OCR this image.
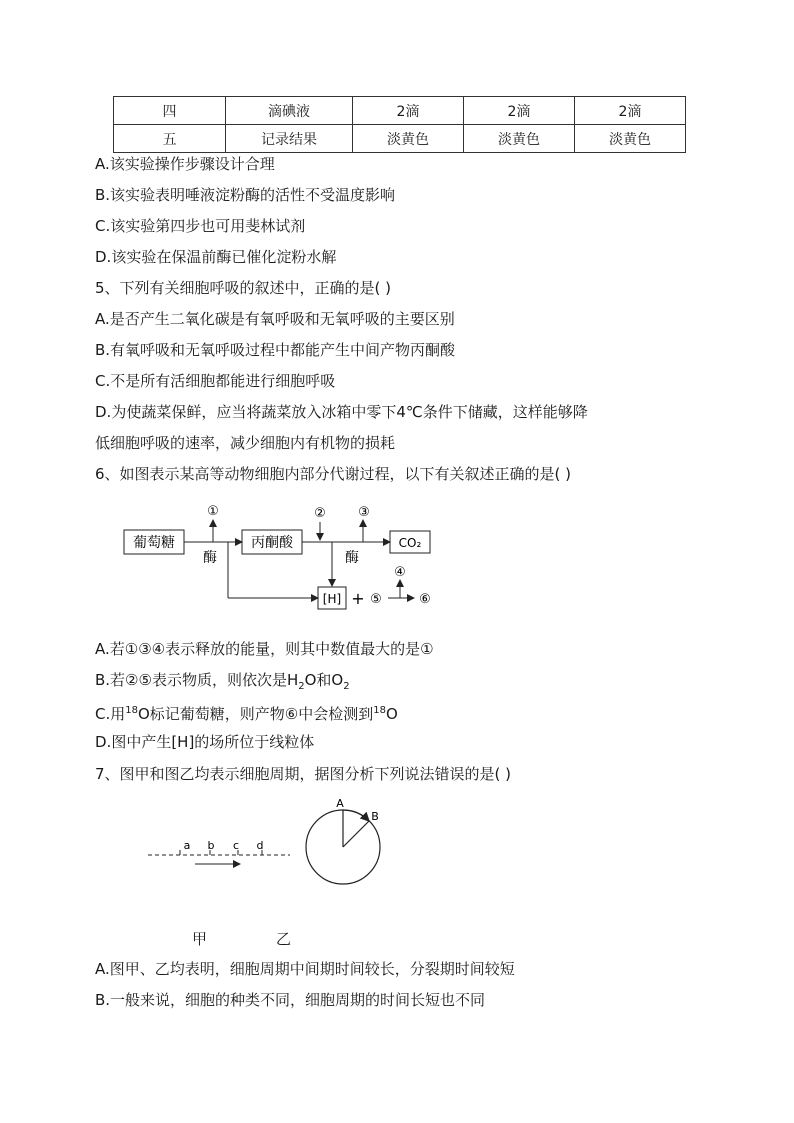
四	滴碘液	2滴	2滴	2滴
五	记录结果	淡黄色	淡黄色	淡黄色
A.该实验操作步骤设计合理
B.该实验表明唾液淀粉酶的活性不受温度影响
C.该实验第四步也可用斐林试剂
D.该实验在保温前酶已催化淀粉水解
5、下列有关细胞呼吸的叙述中，正确的是( )
A.是否产生二氧化碳是有氧呼吸和无氧呼吸的主要区别
B.有氧呼吸和无氧呼吸过程中都能产生中间产物丙酮酸
C.不是所有活细胞都能进行细胞呼吸
D.为使蔬菜保鲜，应当将蔬菜放入冰箱中零下4℃条件下储藏，这样能够降
低细胞呼吸的速率，减少细胞内有机物的损耗
6、如图表示某高等动物细胞内部分代谢过程，以下有关叙述正确的是( )
葡萄糖
①
酶
丙酮酸
② ③
酶
CO₂
[H] + ⑤
④
⑥
A.若①③④表示释放的能量，则其中数值最大的是①
B.若②⑤表示物质，则依次是$H_2O$和$O_2$
C.用$^{18}$O标记葡萄糖，则产物⑥中会检测到$^{18}$O
D.图中产生[H]的场所位于线粒体
7、图甲和图乙均表示细胞周期，据图分析下列说法错误的是( )
a b c d
A
B
甲	乙
A.图甲、乙均表明，细胞周期中间期时间较长，分裂期时间较短
B.一般来说，细胞的种类不同，细胞周期的时间长短也不同
